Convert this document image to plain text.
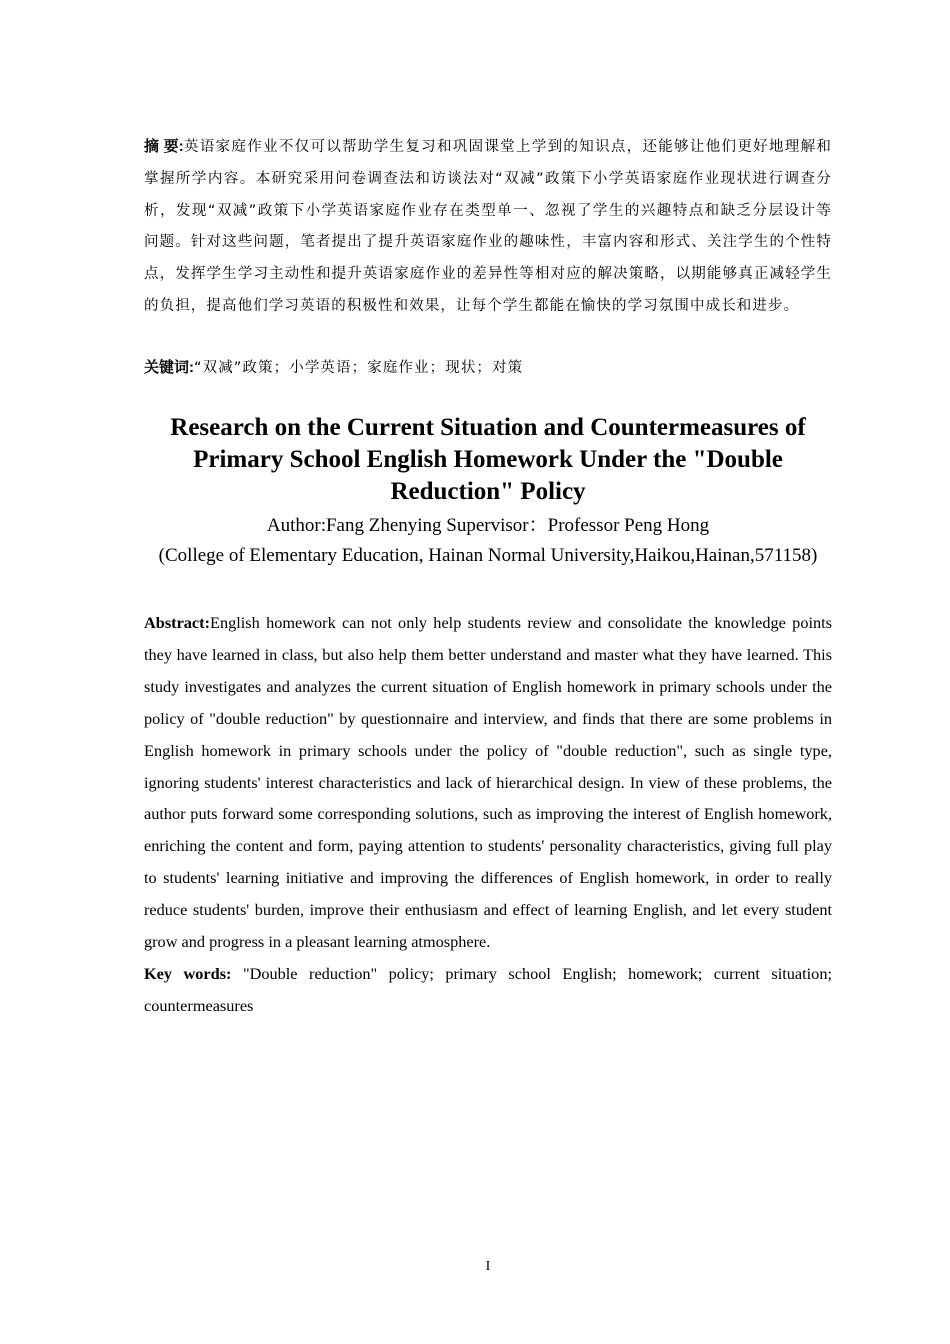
摘 要:英语家庭作业不仅可以帮助学生复习和巩固课堂上学到的知识点，还能够让他们更好地理解和掌握所学内容。本研究采用问卷调查法和访谈法对“双减”政策下小学英语家庭作业现状进行调查分析，发现“双减”政策下小学英语家庭作业存在类型单一、忽视了学生的兴趣特点和缺乏分层设计等问题。针对这些问题，笔者提出了提升英语家庭作业的趣味性，丰富内容和形式、关注学生的个性特点，发挥学生学习主动性和提升英语家庭作业的差异性等相对应的解决策略，以期能够真正减轻学生的负担，提高他们学习英语的积极性和效果，让每个学生都能在愉快的学习氛围中成长和进步。

关键词:“双减”政策；小学英语；家庭作业；现状；对策

Research on the Current Situation and Countermeasures of Primary School English Homework Under the "Double Reduction" Policy

Author:Fang Zhenying Supervisor：Professor Peng Hong

(College of Elementary Education, Hainan Normal University,Haikou,Hainan,571158)

Abstract:English homework can not only help students review and consolidate the knowledge points they have learned in class, but also help them better understand and master what they have learned. This study investigates and analyzes the current situation of English homework in primary schools under the policy of "double reduction" by questionnaire and interview, and finds that there are some problems in English homework in primary schools under the policy of "double reduction", such as single type, ignoring students' interest characteristics and lack of hierarchical design. In view of these problems, the author puts forward some corresponding solutions, such as improving the interest of English homework, enriching the content and form, paying attention to students' personality characteristics, giving full play to students' learning initiative and improving the differences of English homework, in order to really reduce students' burden, improve their enthusiasm and effect of learning English, and let every student grow and progress in a pleasant learning atmosphere.

Key words: "Double reduction" policy; primary school English; homework; current situation; countermeasures

I
